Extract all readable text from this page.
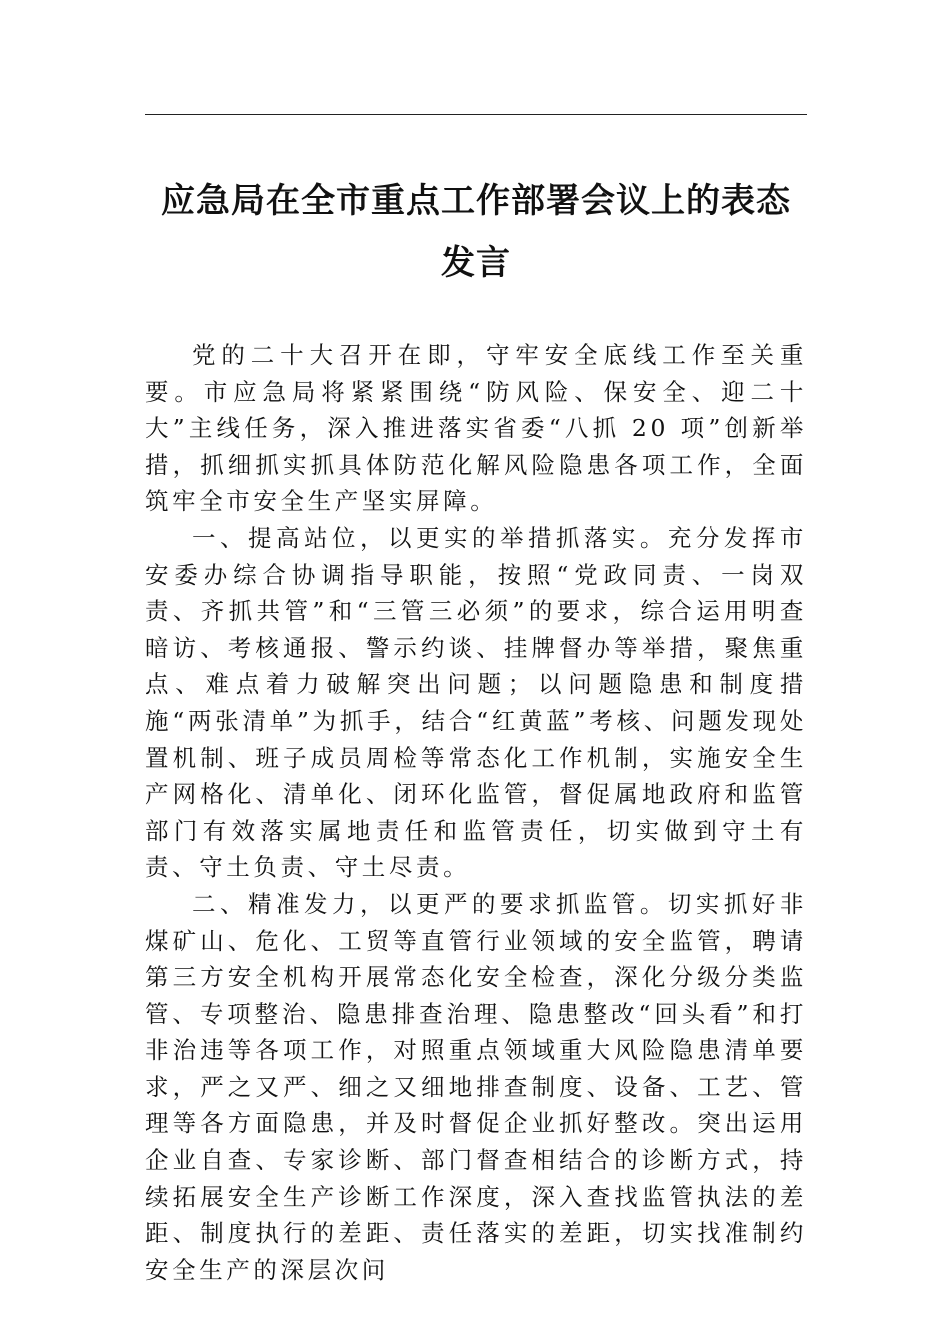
应急局在全市重点工作部署会议上的表态
发言

党的二十大召开在即，守牢安全底线工作至关重要。市应急局将紧紧围绕“防风险、保安全、迎二十大”主线任务，深入推进落实省委“八抓 20 项”创新举措，抓细抓实抓具体防范化解风险隐患各项工作，全面筑牢全市安全生产坚实屏障。

一、提高站位，以更实的举措抓落实。充分发挥市安委办综合协调指导职能，按照“党政同责、一岗双责、齐抓共管”和“三管三必须”的要求，综合运用明查暗访、考核通报、警示约谈、挂牌督办等举措，聚焦重点、难点着力破解突出问题；以问题隐患和制度措施“两张清单”为抓手，结合“红黄蓝”考核、问题发现处置机制、班子成员周检等常态化工作机制，实施安全生产网格化、清单化、闭环化监管，督促属地政府和监管部门有效落实属地责任和监管责任，切实做到守土有责、守土负责、守土尽责。

二、精准发力，以更严的要求抓监管。切实抓好非煤矿山、危化、工贸等直管行业领域的安全监管，聘请第三方安全机构开展常态化安全检查，深化分级分类监管、专项整治、隐患排查治理、隐患整改“回头看”和打非治违等各项工作，对照重点领域重大风险隐患清单要求，严之又严、细之又细地排查制度、设备、工艺、管理等各方面隐患，并及时督促企业抓好整改。突出运用企业自查、专家诊断、部门督查相结合的诊断方式，持续拓展安全生产诊断工作深度，深入查找监管执法的差距、制度执行的差距、责任落实的差距，切实找准制约安全生产的深层次问
